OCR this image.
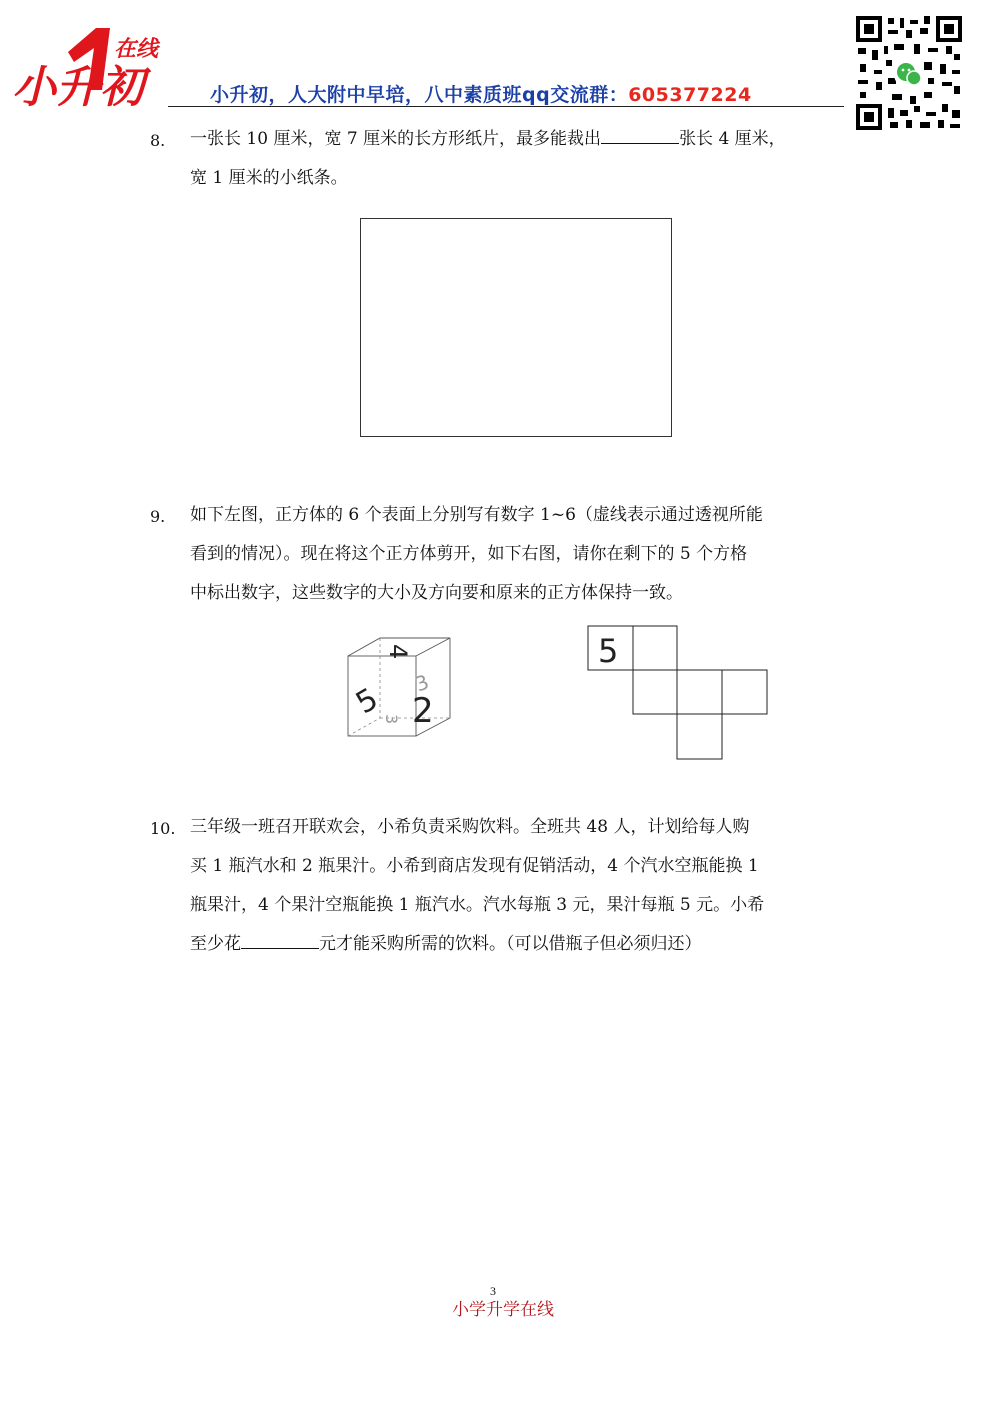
小升初
在线
小升初，人大附中早培，八中素质班qq交流群：605377224
8. 一张长 10 厘米，宽 7 厘米的长方形纸片，最多能裁出	张长 4 厘米，
宽 1 厘米的小纸条。
9. 如下左图，正方体的 6 个表面上分别写有数字 1~6（虚线表示通过透视所能
看到的情况）。现在将这个正方体剪开，如下右图，请你在剩下的 5 个方格
中标出数字，这些数字的大小及方向要和原来的正方体保持一致。
4
5 2
3
3
5
10. 三年级一班召开联欢会，小希负责采购饮料。全班共 48 人，计划给每人购
买 1 瓶汽水和 2 瓶果汁。小希到商店发现有促销活动，4 个汽水空瓶能换 1
瓶果汁，4 个果汁空瓶能换 1 瓶汽水。汽水每瓶 3 元，果汁每瓶 5 元。小希
至少花	元才能采购所需的饮料。（可以借瓶子但必须归还）
3
小学升学在线
